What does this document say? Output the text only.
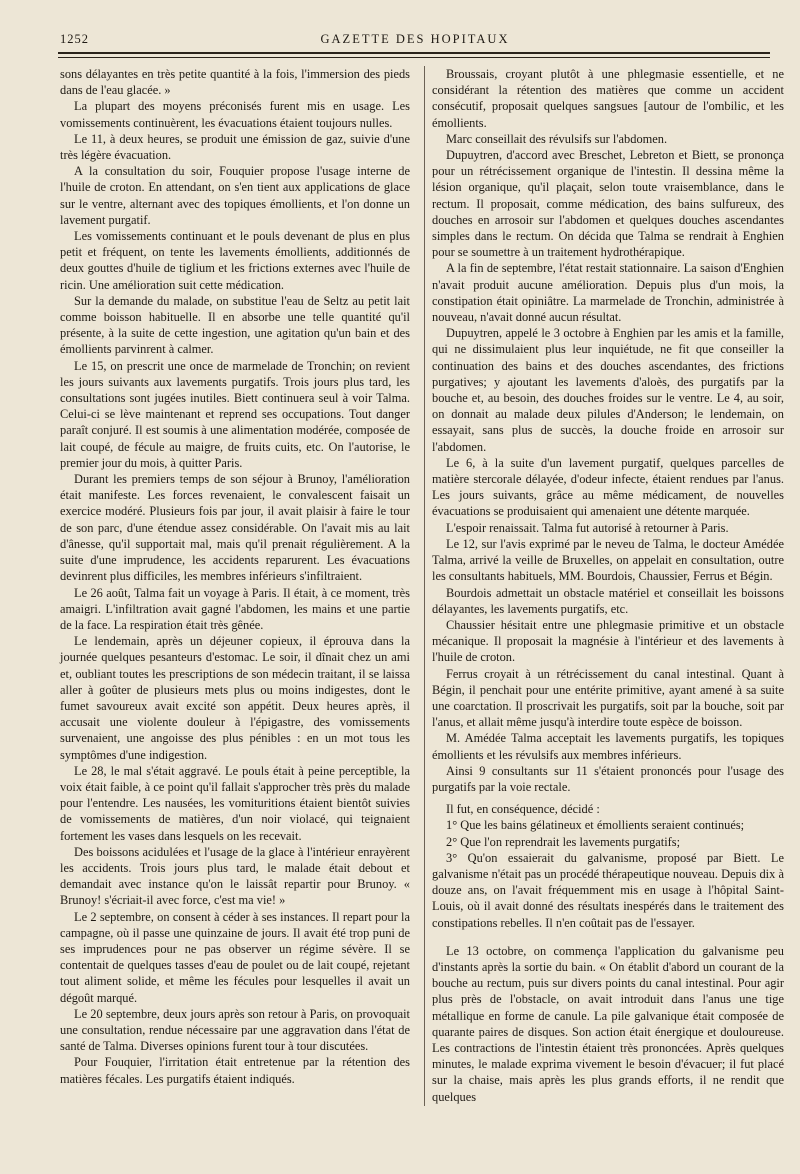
1252	GAZETTE DES HOPITAUX

sons délayantes en très petite quantité à la fois, l'immersion des pieds dans de l'eau glacée. »

La plupart des moyens préconisés furent mis en usage. Les vomissements continuèrent, les évacuations étaient toujours nulles.

Le 11, à deux heures, se produit une émission de gaz, suivie d'une très légère évacuation.

A la consultation du soir, Fouquier propose l'usage interne de l'huile de croton. En attendant, on s'en tient aux applications de glace sur le ventre, alternant avec des topiques émollients, et l'on donne un lavement purgatif.

Les vomissements continuant et le pouls devenant de plus en plus petit et fréquent, on tente les lavements émollients, additionnés de deux gouttes d'huile de tiglium et les frictions externes avec l'huile de ricin. Une amélioration suit cette médication.

Sur la demande du malade, on substitue l'eau de Seltz au petit lait comme boisson habituelle. Il en absorbe une telle quantité qu'il présente, à la suite de cette ingestion, une agitation qu'un bain et des émollients parvinrent à calmer.

Le 15, on prescrit une once de marmelade de Tronchin; on revient les jours suivants aux lavements purgatifs. Trois jours plus tard, les consultations sont jugées inutiles. Biett continuera seul à voir Talma. Celui-ci se lève maintenant et reprend ses occupations. Tout danger paraît conjuré. Il est soumis à une alimentation modérée, composée de lait coupé, de fécule au maigre, de fruits cuits, etc. On l'autorise, le premier jour du mois, à quitter Paris.

Durant les premiers temps de son séjour à Brunoy, l'amélioration était manifeste. Les forces revenaient, le convalescent faisait un exercice modéré. Plusieurs fois par jour, il avait plaisir à faire le tour de son parc, d'une étendue assez considérable. On l'avait mis au lait d'ânesse, qu'il supportait mal, mais qu'il prenait régulièrement. A la suite d'une imprudence, les accidents reparurent. Les évacuations devinrent plus difficiles, les membres inférieurs s'infiltraient.

Le 26 août, Talma fait un voyage à Paris. Il était, à ce moment, très amaigri. L'infiltration avait gagné l'abdomen, les mains et une partie de la face. La respiration était très gênée.

Le lendemain, après un déjeuner copieux, il éprouva dans la journée quelques pesanteurs d'estomac. Le soir, il dînait chez un ami et, oubliant toutes les prescriptions de son médecin traitant, il se laissa aller à goûter de plusieurs mets plus ou moins indigestes, dont le fumet savoureux avait excité son appétit. Deux heures après, il accusait une violente douleur à l'épigastre, des vomissements survenaient, une angoisse des plus pénibles : en un mot tous les symptômes d'une indigestion.

Le 28, le mal s'était aggravé. Le pouls était à peine perceptible, la voix était faible, à ce point qu'il fallait s'approcher très près du malade pour l'entendre. Les nausées, les vomituritions étaient bientôt suivies de vomissements de matières, d'un noir violacé, qui teignaient fortement les vases dans lesquels on les recevait.

Des boissons acidulées et l'usage de la glace à l'intérieur enrayèrent les accidents. Trois jours plus tard, le malade était debout et demandait avec instance qu'on le laissât repartir pour Brunoy. « Brunoy! s'écriait-il avec force, c'est ma vie! »

Le 2 septembre, on consent à céder à ses instances. Il repart pour la campagne, où il passe une quinzaine de jours. Il avait été trop puni de ses imprudences pour ne pas observer un régime sévère. Il se contentait de quelques tasses d'eau de poulet ou de lait coupé, rejetant tout aliment solide, et même les fécules pour lesquelles il avait un dégoût marqué.

Le 20 septembre, deux jours après son retour à Paris, on provoquait une consultation, rendue nécessaire par une aggravation dans l'état de santé de Talma. Diverses opinions furent tour à tour discutées.

Pour Fouquier, l'irritation était entretenue par la rétention des matières fécales. Les purgatifs étaient indiqués.

Broussais, croyant plutôt à une phlegmasie essentielle, et ne considérant la rétention des matières que comme un accident consécutif, proposait quelques sangsues [autour de l'ombilic, et les émollients.

Marc conseillait des révulsifs sur l'abdomen.

Dupuytren, d'accord avec Breschet, Lebreton et Biett, se prononça pour un rétrécissement organique de l'intestin. Il dessina même la lésion organique, qu'il plaçait, selon toute vraisemblance, dans le rectum. Il proposait, comme médication, des bains sulfureux, des douches en arrosoir sur l'abdomen et quelques douches ascendantes simples dans le rectum. On décida que Talma se rendrait à Enghien pour se soumettre à un traitement hydrothérapique.

A la fin de septembre, l'état restait stationnaire. La saison d'Enghien n'avait produit aucune amélioration. Depuis plus d'un mois, la constipation était opiniâtre. La marmelade de Tronchin, administrée à nouveau, n'avait donné aucun résultat.

Dupuytren, appelé le 3 octobre à Enghien par les amis et la famille, qui ne dissimulaient plus leur inquiétude, ne fit que conseiller la continuation des bains et des douches ascendantes, des frictions purgatives; y ajoutant les lavements d'aloès, des purgatifs par la bouche et, au besoin, des douches froides sur le ventre. Le 4, au soir, on donnait au malade deux pilules d'Anderson; le lendemain, on essayait, sans plus de succès, la douche froide en arrosoir sur l'abdomen.

Le 6, à la suite d'un lavement purgatif, quelques parcelles de matière stercorale délayée, d'odeur infecte, étaient rendues par l'anus. Les jours suivants, grâce au même médicament, de nouvelles évacuations se produisaient qui amenaient une détente marquée.

L'espoir renaissait. Talma fut autorisé à retourner à Paris.

Le 12, sur l'avis exprimé par le neveu de Talma, le docteur Amédée Talma, arrivé la veille de Bruxelles, on appelait en consultation, outre les consultants habituels, MM. Bourdois, Chaussier, Ferrus et Bégin.

Bourdois admettait un obstacle matériel et conseillait les boissons délayantes, les lavements purgatifs, etc.

Chaussier hésitait entre une phlegmasie primitive et un obstacle mécanique. Il proposait la magnésie à l'intérieur et des lavements à l'huile de croton.

Ferrus croyait à un rétrécissement du canal intestinal. Quant à Bégin, il penchait pour une entérite primitive, ayant amené à sa suite une coarctation. Il proscrivait les purgatifs, soit par la bouche, soit par l'anus, et allait même jusqu'à interdire toute espèce de boisson.

M. Amédée Talma acceptait les lavements purgatifs, les topiques émollients et les révulsifs aux membres inférieurs.

Ainsi 9 consultants sur 11 s'étaient prononcés pour l'usage des purgatifs par la voie rectale.

Il fut, en conséquence, décidé :

1° Que les bains gélatineux et émollients seraient continués;

2° Que l'on reprendrait les lavements purgatifs;

3° Qu'on essaierait du galvanisme, proposé par Biett. Le galvanisme n'était pas un procédé thérapeutique nouveau. Depuis dix à douze ans, on l'avait fréquemment mis en usage à l'hôpital Saint-Louis, où il avait donné des résultats inespérés dans le traitement des constipations rebelles. Il n'en coûtait pas de l'essayer.

Le 13 octobre, on commença l'application du galvanisme peu d'instants après la sortie du bain. « On établit d'abord un courant de la bouche au rectum, puis sur divers points du canal intestinal. Pour agir plus près de l'obstacle, on avait introduit dans l'anus une tige métallique en forme de canule. La pile galvanique était composée de quarante paires de disques. Son action était énergique et douloureuse. Les contractions de l'intestin étaient très prononcées. Après quelques minutes, le malade exprima vivement le besoin d'évacuer; il fut placé sur la chaise, mais après les plus grands efforts, il ne rendit que quelques
